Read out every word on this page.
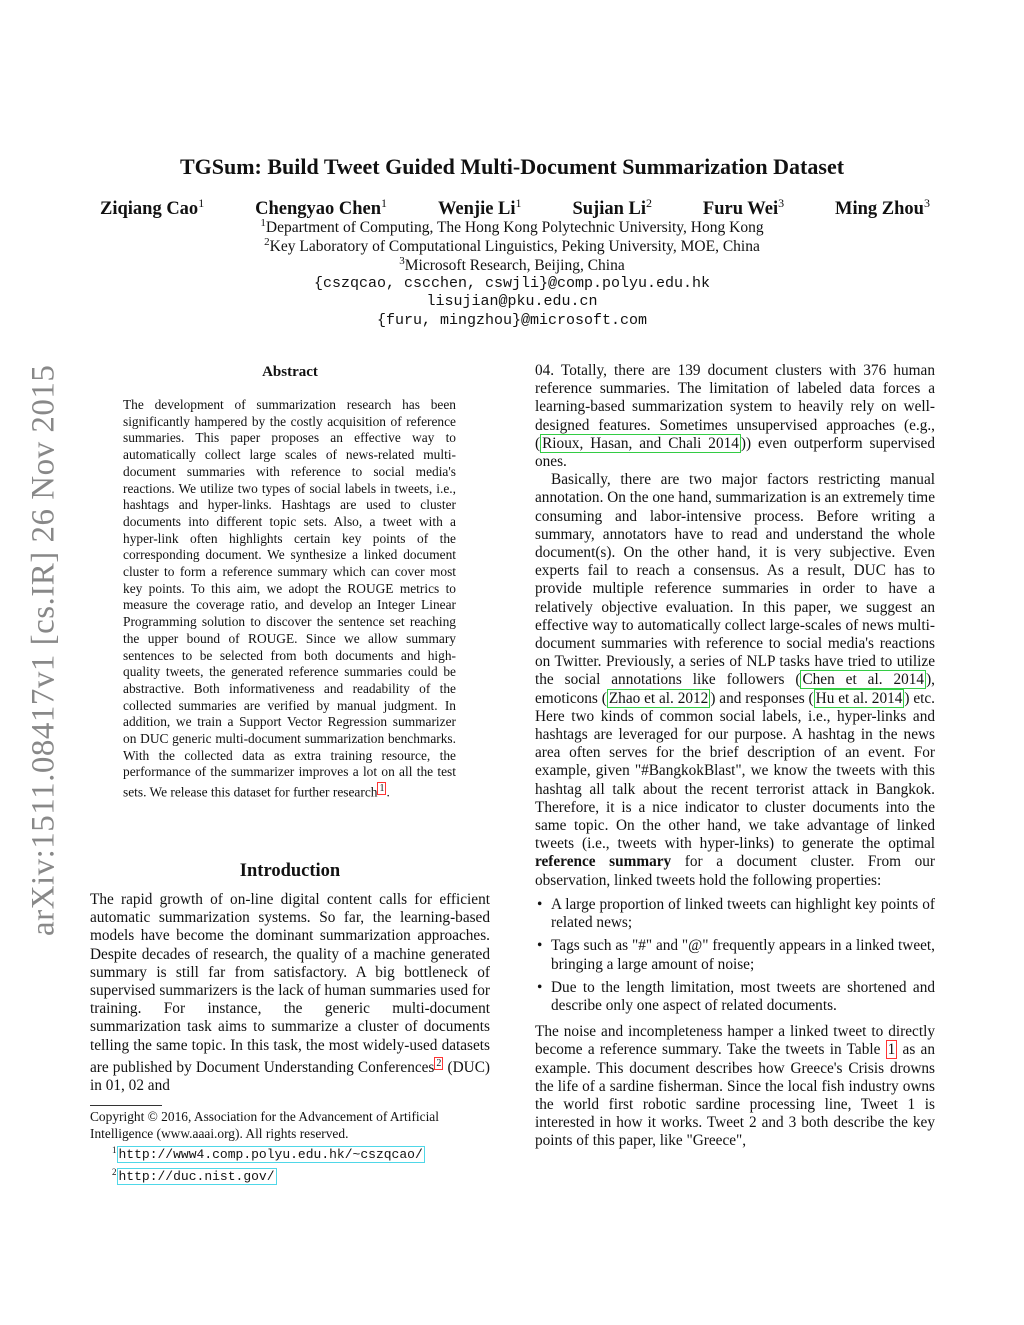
arXiv:1511.08417v1 [cs.IR] 26 Nov 2015
TGSum: Build Tweet Guided Multi-Document Summarization Dataset
Ziqiang Cao$^1$	Chengyao Chen$^1$	Wenjie Li$^1$	Sujian Li$^2$	Furu Wei$^3$	Ming Zhou$^3$
$^1$Department of Computing, The Hong Kong Polytechnic University, Hong Kong
$^2$Key Laboratory of Computational Linguistics, Peking University, MOE, China
$^3$Microsoft Research, Beijing, China
{cszqcao, cscchen, cswjli}@comp.polyu.edu.hk
lisujian@pku.edu.cn
{furu, mingzhou}@microsoft.com
Abstract
The development of summarization research has been significantly hampered by the costly acquisition of reference summaries. This paper proposes an effective way to automatically collect large scales of news-related multi-document summaries with reference to social media's reactions. We utilize two types of social labels in tweets, i.e., hashtags and hyper-links. Hashtags are used to cluster documents into different topic sets. Also, a tweet with a hyper-link often highlights certain key points of the corresponding document. We synthesize a linked document cluster to form a reference summary which can cover most key points. To this aim, we adopt the ROUGE metrics to measure the coverage ratio, and develop an Integer Linear Programming solution to discover the sentence set reaching the upper bound of ROUGE. Since we allow summary sentences to be selected from both documents and high-quality tweets, the generated reference summaries could be abstractive. Both informativeness and readability of the collected summaries are verified by manual judgment. In addition, we train a Support Vector Regression summarizer on DUC generic multi-document summarization benchmarks. With the collected data as extra training resource, the performance of the summarizer improves a lot on all the test sets. We release this dataset for further research $^1$ .
Introduction
The rapid growth of on-line digital content calls for efficient automatic summarization systems. So far, the learning-based models have become the dominant summarization approaches. Despite decades of research, the quality of a machine generated summary is still far from satisfactory. A big bottleneck of supervised summarizers is the lack of human summaries used for training. For instance, the generic multi-document summarization task aims to summarize a cluster of documents telling the same topic. In this task, the most widely-used datasets are published by Document Understanding Conferences $^2$ (DUC) in 01, 02 and
Copyright © 2016, Association for the Advancement of Artificial Intelligence (www.aaai.org). All rights reserved.
$^1$ http://www4.comp.polyu.edu.hk/~cszqcao/
$^2$ http://duc.nist.gov/

04. Totally, there are 139 document clusters with 376 human reference summaries. The limitation of labeled data forces a learning-based summarization system to heavily rely on well-designed features. Sometimes unsupervised approaches (e.g., ( Rioux, Hasan, and Chali 2014 )) even outperform supervised ones.

Basically, there are two major factors restricting manual annotation. On the one hand, summarization is an extremely time consuming and labor-intensive process. Before writing a summary, annotators have to read and understand the whole document(s). On the other hand, it is very subjective. Even experts fail to reach a consensus. As a result, DUC has to provide multiple reference summaries in order to have a relatively objective evaluation. In this paper, we suggest an effective way to automatically collect large-scales of news multi-document summaries with reference to social media's reactions on Twitter. Previously, a series of NLP tasks have tried to utilize the social annotations like followers ( Chen et al. 2014 ), emoticons ( Zhao et al. 2012 ) and responses ( Hu et al. 2014 ) etc. Here two kinds of common social labels, i.e., hyper-links and hashtags are leveraged for our purpose. A hashtag in the news area often serves for the brief description of an event. For example, given "#BangkokBlast", we know the tweets with this hashtag all talk about the recent terrorist attack in Bangkok. Therefore, it is a nice indicator to cluster documents into the same topic. On the other hand, we take advantage of linked tweets (i.e., tweets with hyper-links) to generate the optimal reference summary for a document cluster. From our observation, linked tweets hold the following properties:

• A large proportion of linked tweets can highlight key points of related news;
• Tags such as "#" and "@" frequently appears in a linked tweet, bringing a large amount of noise;
• Due to the length limitation, most tweets are shortened and describe only one aspect of related documents.

The noise and incompleteness hamper a linked tweet to directly become a reference summary. Take the tweets in Table 1 as an example. This document describes how Greece's Crisis drowns the life of a sardine fisherman. Since the local fish industry owns the world first robotic sardine processing line, Tweet 1 is interested in how it works. Tweet 2 and 3 both describe the key points of this paper, like "Greece",
